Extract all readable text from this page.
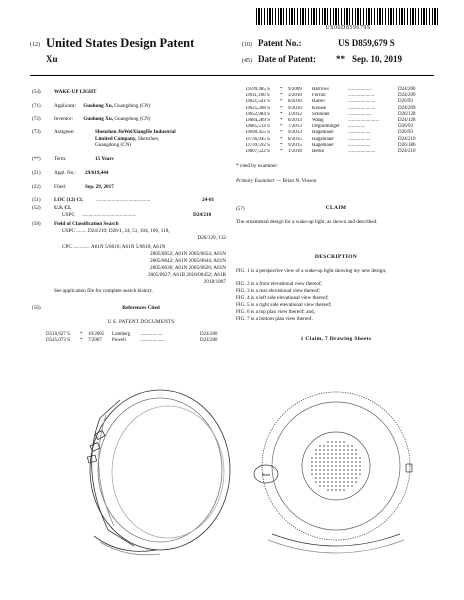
US00D859679S
(12) United States Design Patent	(10) Patent No.:	US D859,679 S
Xu	(45) Date of Patent: ** Sep. 10, 2019
(54)	WAKE-UP LIGHT
(71)	Applicant: Guohong Xu, Guangdong (CN)
(72)	Inventor: Guohong Xu, Guangdong (CN)
(73)	Assignee:	Shenzhen JieWeiXiangHe Industrial
Limited Company, Shenzhen,
Guangdong (CN)
(**)	Term:	15 Years
(21)	Appl. No.: 29/619,444
(22)	Filed:	Sep. 29, 2017
(51)	LOC (12) Cl.	..........................................	24-01
(52)	U.S. Cl.
USPC ..........................................	D24/210
(58)	Field of Classification Search
USPC ........ D24/210; D26/1, 24, 51, 104, 106, 118,
D26/129, 132
CPC ............. A61N 5/0616; A61N 5/0618; A61N
2005/0652; A61N 2005/0654; A61N
2005/0642; A61N 2005/0644; A61N
2005/0636; A61N 2005/0626; A61N
2005/0627; A61B 2018/00452; A61B
2018/1807
See application file for complete search history.
(56)	References Cited
U.S. PATENT DOCUMENTS
D510,627 S	*	10/2005	Lomberg	..................	D24/200
D545,073 S	*	7/2007	Powell	....................	D24/200
D599,485 S	*	9/2009	Barrows	...................	D24/200
D611,160 S	*	3/2010	Ferrini	.....................	D24/209
D621,541 S	*	8/2010	Harrel	......................	D26/93
D625,208 S	*	9/2010	Krause	......................	D24/209
D652,984 S	*	1/2012	Schnider	...................	D26/128
D684,289 S	*	6/2013	Wang	.........................	D24/128
D685,514 S	*	7/2013	Deguilminget	..............	D26/93
D690,455 S	*	9/2013	Hagemaier	..................	D26/93
D736,945 S	*	8/2015	Hagemaier	..................	D24/210
D739,592 S	*	9/2015	Hagemaier	..................	D26/186
D807,522 S	*	1/2018	Berko	......................	D24/210
* cited by examiner
Primary Examiner — Brian N. Vinson
(57)	CLAIM
The ornamental design for a wake-up light, as shown and described.
DESCRIPTION
FIG. 1 is a perspective view of a wake-up light showing my new design;
FIG. 2 is a front elevational view thereof;
FIG. 3 is a rear elevational view thereof;
FIG. 4 is a left side elevational view thereof;
FIG. 5 is a right side elevational view thereof;
FIG. 6 is a top plan view thereof; and,
FIG. 7 is a bottom plan view thereof.
1 Claim, 7 Drawing Sheets
Start
